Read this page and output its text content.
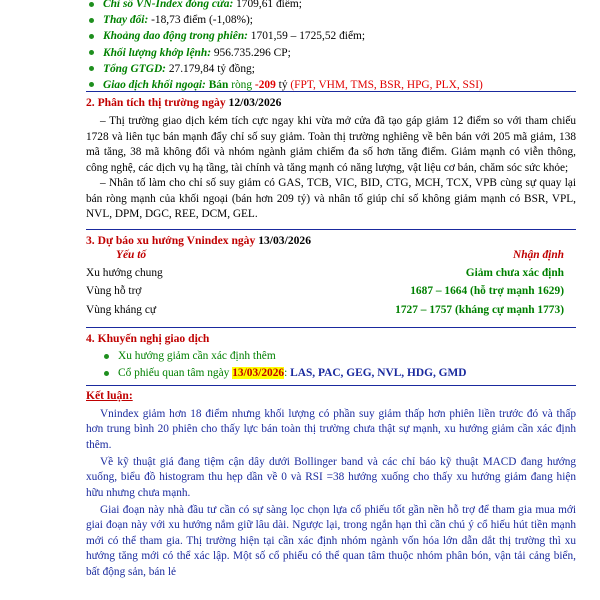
Chỉ số VN-Index đóng cửa: 1709,61 điểm;
Thay đổi: -18,73 điểm (-1,08%);
Khoảng dao động trong phiên: 1701,59 – 1725,52 điểm;
Khối lượng khớp lệnh: 956.735.296 CP;
Tổng GTGD: 27.179,84 tỷ đồng;
Giao dịch khối ngoại: Bán ròng -209 tỷ (FPT, VHM, TMS, BSR, HPG, PLX, SSI)
2. Phân tích thị trường ngày 12/03/2026

– Thị trường giao dịch kém tích cực ngay khi vừa mở cửa đã tạo gáp giảm 12 điểm so với tham chiếu 1728 và liên tục bán mạnh đẩy chỉ số suy giảm. Toàn thị trường nghiêng về bên bán với 205 mã giảm, 138 mã tăng, 38 mã không đổi và nhóm ngành giảm chiếm đa số hơn tăng điểm. Giảm mạnh có viễn thông, công nghệ, các dịch vụ hạ tầng, tài chính và tăng mạnh có năng lượng, vật liệu cơ bản, chăm sóc sức khỏe;

– Nhân tố làm cho chỉ số suy giảm có GAS, TCB, VIC, BID, CTG, MCH, TCX, VPB cùng sự quay lại bán ròng mạnh của khối ngoại (bán hơn 209 tỷ) và nhân tố giúp chỉ số không giảm mạnh có BSR, VPL, NVL, DPM, DGC, REE, DCM, GEL.

3. Dự báo xu hướng Vnindex ngày 13/03/2026
Yếu tố	Nhận định
Xu hướng chung	Giảm chưa xác định
Vùng hỗ trợ	1687 – 1664 (hỗ trợ mạnh 1629)
Vùng kháng cự	1727 – 1757 (kháng cự mạnh 1773)
4. Khuyến nghị giao dịch
Xu hướng giảm cần xác định thêm
Cổ phiếu quan tâm ngày 13/03/2026: LAS, PAC, GEG, NVL, HDG, GMD
Kết luận:

Vnindex giảm hơn 18 điểm nhưng khối lượng có phần suy giảm thấp hơn phiên liền trước đó và thấp hơn trung bình 20 phiên cho thấy lực bán toàn thị trường chưa thật sự mạnh, xu hướng giảm cần xác định thêm.

Về kỹ thuật giá đang tiệm cận dây dưới Bollinger band và các chỉ báo kỹ thuật MACD đang hướng xuống, biểu đồ histogram thu hẹp dần về 0 và RSI =38 hướng xuống cho thấy xu hướng giảm đang hiện hữu nhưng chưa mạnh.

Giai đoạn này nhà đầu tư cần có sự sàng lọc chọn lựa cổ phiếu tốt gần nền hỗ trợ để tham gia mua mới giai đoạn này với xu hướng nắm giữ lâu dài. Ngược lại, trong ngắn hạn thì cần chú ý cổ hiếu hút tiền mạnh mới có thể tham gia. Thị trường hiện tại cần xác định nhóm ngành vốn hóa lớn dẫn dắt thị trường thì xu hướng tăng mới có thể xác lập. Một số cổ phiếu có thể quan tâm thuộc nhóm phân bón, vận tải cảng biển, bất động sản, bán lẻ
